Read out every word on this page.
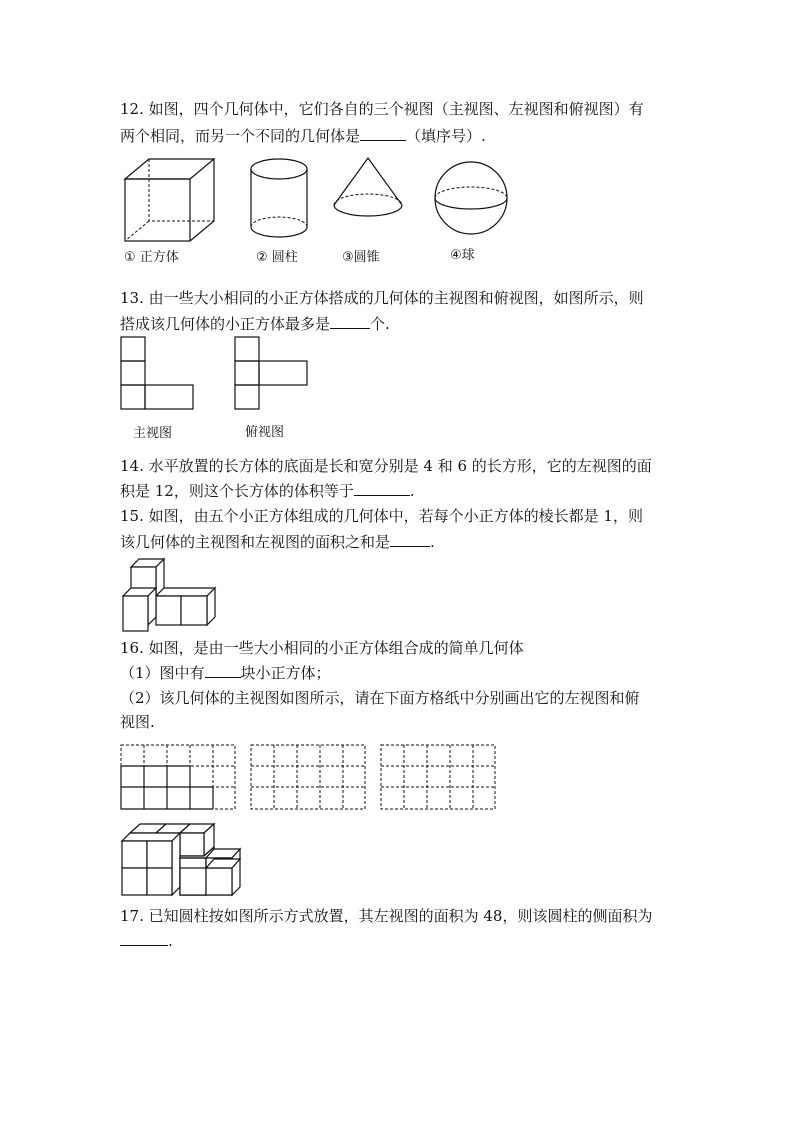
12. 如图，四个几何体中，它们各自的三个视图（主视图、左视图和俯视图）有
两个相同，而另一个不同的几何体是	（填序号）.
① 正方体	② 圆柱	③圆锥	④球
13. 由一些大小相同的小正方体搭成的几何体的主视图和俯视图，如图所示，则
搭成该几何体的小正方体最多是	个.
主视图	俯视图
14. 水平放置的长方体的底面是长和宽分别是 4 和 6 的长方形，它的左视图的面
积是 12，则这个长方体的体积等于	.
15. 如图，由五个小正方体组成的几何体中，若每个小正方体的棱长都是 1，则
该几何体的主视图和左视图的面积之和是	.
16. 如图，是由一些大小相同的小正方体组合成的简单几何体
（1）图中有 块小正方体；
（2）该几何体的主视图如图所示，请在下面方格纸中分别画出它的左视图和俯
视图.
17. 已知圆柱按如图所示方式放置，其左视图的面积为 48，则该圆柱的侧面积为
.
